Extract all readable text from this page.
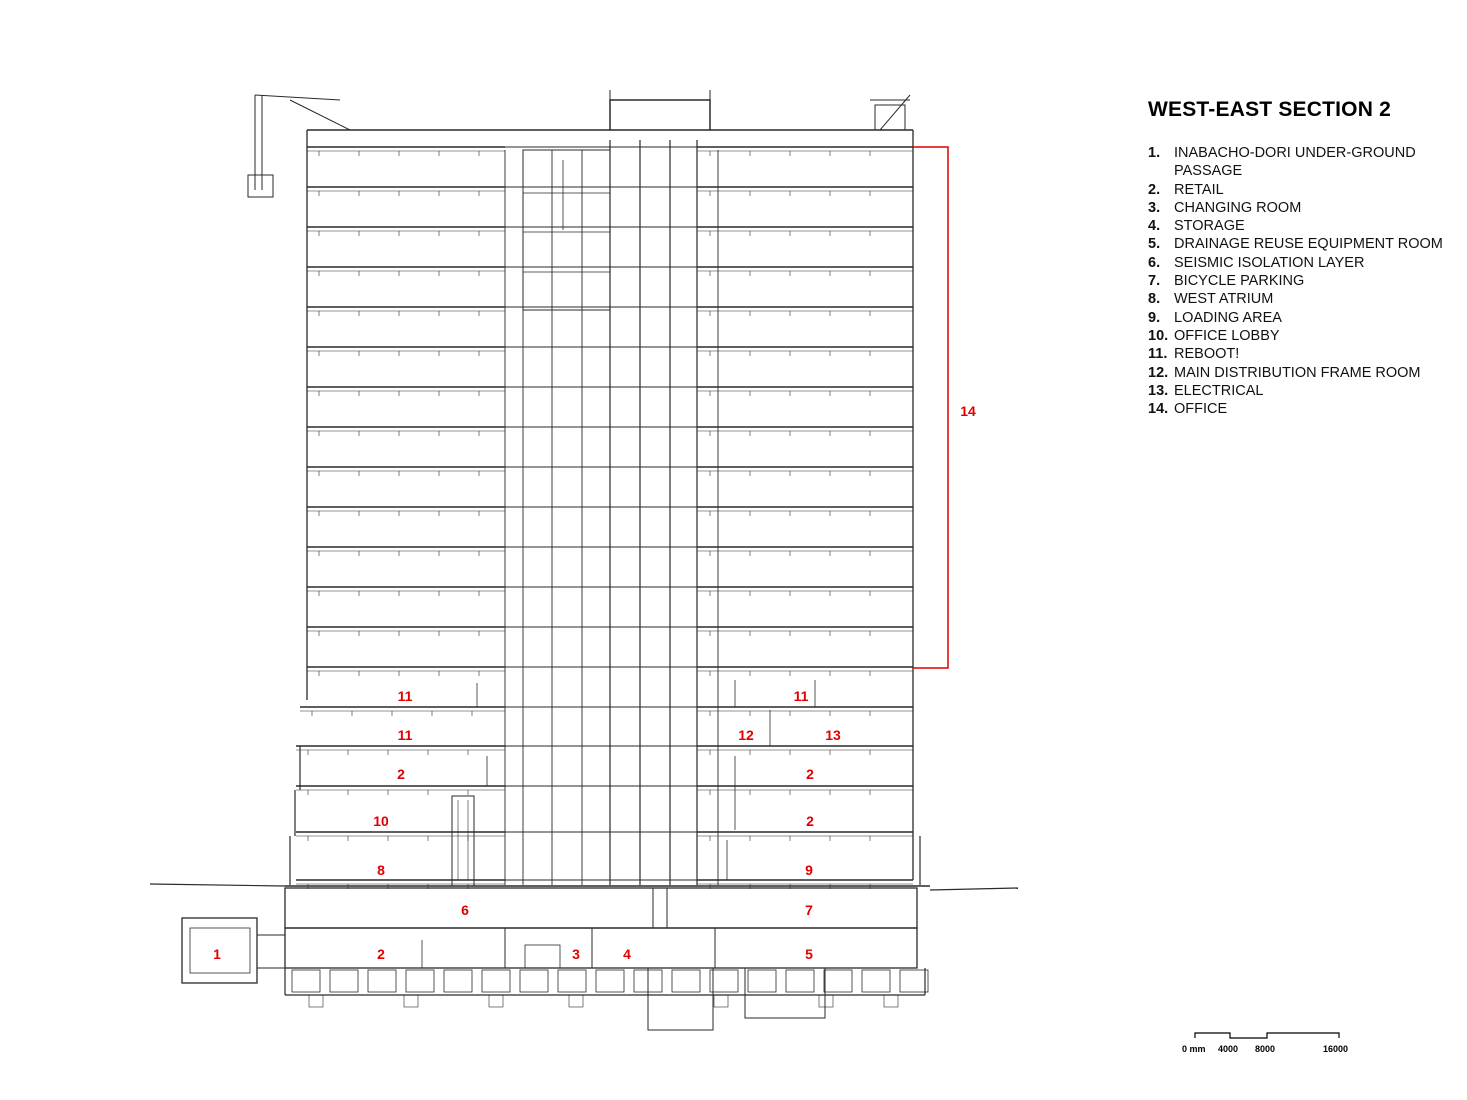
14
11	11
11	12	13
2	2
10	2
8	9
6	7
1	2	3	4	5
WEST-EAST SECTION 2
1. INABACHO-DORI UNDER-GROUND PASSAGE
2. RETAIL
3. CHANGING ROOM
4. STORAGE
5. DRAINAGE REUSE EQUIPMENT ROOM
6. SEISMIC ISOLATION LAYER
7. BICYCLE PARKING
8. WEST ATRIUM
9. LOADING AREA
10. OFFICE LOBBY
11. REBOOT!
12. MAIN DISTRIBUTION FRAME ROOM
13. ELECTRICAL
14. OFFICE
0 mm 4000 8000	16000
